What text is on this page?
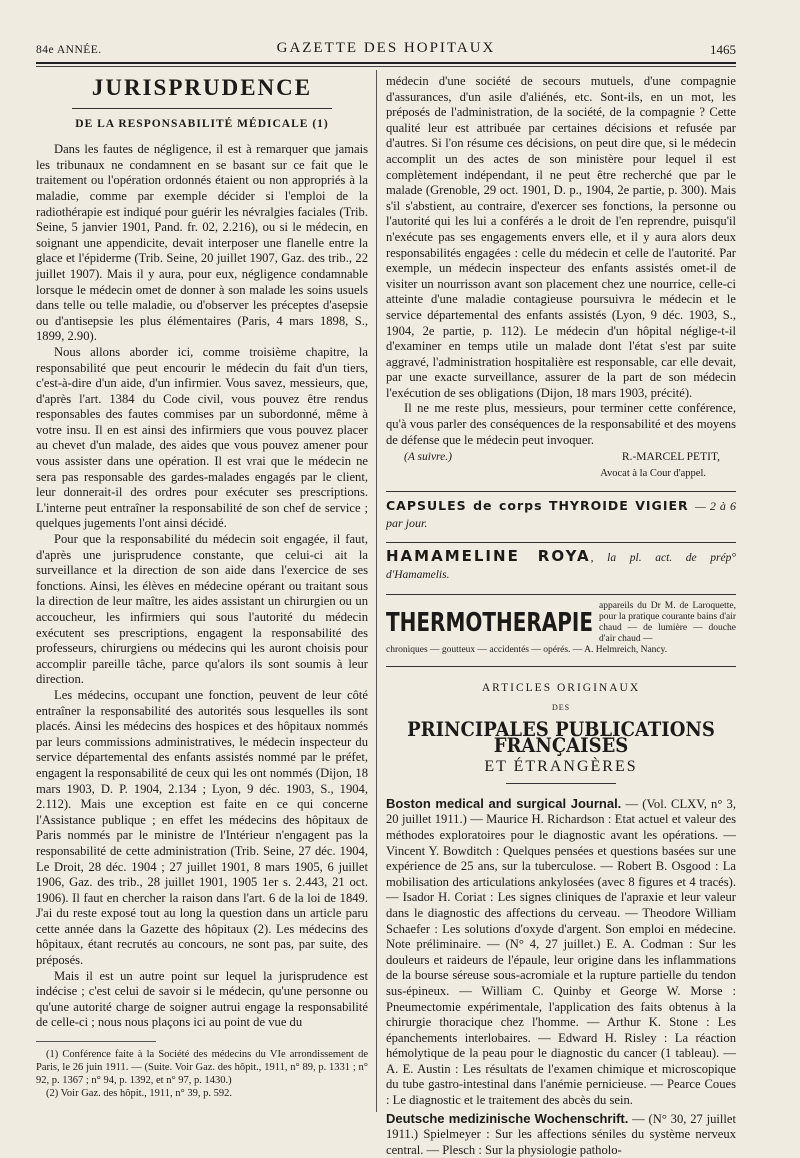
84e ANNÉE.	GAZETTE DES HOPITAUX	1465
JURISPRUDENCE
DE LA RESPONSABILITÉ MÉDICALE (1)

Dans les fautes de négligence, il est à remarquer que jamais les tribunaux ne condamnent en se basant sur ce fait que le traitement ou l'opération ordonnés étaient ou non appropriés à la maladie, comme par exemple décider si l'emploi de la radiothérapie est indiqué pour guérir les névralgies faciales (Trib. Seine, 5 janvier 1901, Pand. fr. 02, 2.216), ou si le médecin, en soignant une appendicite, devait interposer une flanelle entre la glace et l'épiderme (Trib. Seine, 20 juillet 1907, Gaz. des trib., 22 juillet 1907). Mais il y aura, pour eux, négligence condamnable lorsque le médecin omet de donner à son malade les soins usuels dans telle ou telle maladie, ou d'observer les préceptes d'asepsie ou d'antisepsie les plus élémentaires (Paris, 4 mars 1898, S., 1899, 2.90).

Nous allons aborder ici, comme troisième chapitre, la responsabilité que peut encourir le médecin du fait d'un tiers, c'est-à-dire d'un aide, d'un infirmier. Vous savez, messieurs, que, d'après l'art. 1384 du Code civil, vous pouvez être rendus responsables des fautes commises par un subordonné, même à votre insu. Il en est ainsi des infirmiers que vous pouvez placer au chevet d'un malade, des aides que vous pouvez amener pour vous assister dans une opération. Il est vrai que le médecin ne sera pas responsable des gardes-malades engagés par le client, leur donnerait-il des ordres pour exécuter ses prescriptions. L'interne peut entraîner la responsabilité de son chef de service ; quelques jugements l'ont ainsi décidé.

Pour que la responsabilité du médecin soit engagée, il faut, d'après une jurisprudence constante, que celui-ci ait la surveillance et la direction de son aide dans l'exercice de ses fonctions. Ainsi, les élèves en médecine opérant ou traitant sous la direction de leur maître, les aides assistant un chirurgien ou un accoucheur, les infirmiers qui sous l'autorité du médecin exécutent ses prescriptions, engagent la responsabilité des professeurs, chirurgiens ou médecins qui les auront choisis pour accomplir pareille tâche, parce qu'alors ils sont soumis à leur direction.

Les médecins, occupant une fonction, peuvent de leur côté entraîner la responsabilité des autorités sous lesquelles ils sont placés. Ainsi les médecins des hospices et des hôpitaux nommés par leurs commissions administratives, le médecin inspecteur du service départemental des enfants assistés nommé par le préfet, engagent la responsabilité de ceux qui les ont nommés (Dijon, 18 mars 1903, D. P. 1904, 2.134 ; Lyon, 9 déc. 1903, S., 1904, 2.112). Mais une exception est faite en ce qui concerne l'Assistance publique ; en effet les médecins des hôpitaux de Paris nommés par le ministre de l'Intérieur n'engagent pas la responsabilité de cette administration (Trib. Seine, 27 déc. 1904, Le Droit, 28 déc. 1904 ; 27 juillet 1901, 8 mars 1905, 6 juillet 1906, Gaz. des trib., 28 juillet 1901, 1905 1er s. 2.443, 21 oct. 1906). Il faut en chercher la raison dans l'art. 6 de la loi de 1849. J'ai du reste exposé tout au long la question dans un article paru cette année dans la Gazette des hôpitaux (2). Les médecins des hôpitaux, étant recrutés au concours, ne sont pas, par suite, des préposés.

Mais il est un autre point sur lequel la jurisprudence est indécise ; c'est celui de savoir si le médecin, qu'une personne ou qu'une autorité charge de soigner autrui engage la responsabilité de celle-ci ; nous nous plaçons ici au point de vue du

(1) Conférence faite à la Société des médecins du VIe arrondissement de Paris, le 26 juin 1911. — (Suite. Voir Gaz. des hôpit., 1911, n° 89, p. 1331 ; n° 92, p. 1367 ; n° 94, p. 1392, et n° 97, p. 1430.)
(2) Voir Gaz. des hôpit., 1911, n° 39, p. 592.

médecin d'une société de secours mutuels, d'une compagnie d'assurances, d'un asile d'aliénés, etc. Sont-ils, en un mot, les préposés de l'administration, de la société, de la compagnie ? Cette qualité leur est attribuée par certaines décisions et refusée par d'autres. Si l'on résume ces décisions, on peut dire que, si le médecin accomplit un des actes de son ministère pour lequel il est complètement indépendant, il ne peut être recherché que par le malade (Grenoble, 29 oct. 1901, D. p., 1904, 2e partie, p. 300). Mais s'il s'abstient, au contraire, d'exercer ses fonctions, la personne ou l'autorité qui les lui a conférés a le droit de l'en reprendre, puisqu'il n'exécute pas ses engagements envers elle, et il y aura alors deux responsabilités engagées : celle du médecin et celle de l'autorité. Par exemple, un médecin inspecteur des enfants assistés omet-il de visiter un nourrisson avant son placement chez une nourrice, celle-ci atteinte d'une maladie contagieuse poursuivra le médecin et le service départemental des enfants assistés (Lyon, 9 déc. 1903, S., 1904, 2e partie, p. 112). Le médecin d'un hôpital néglige-t-il d'examiner en temps utile un malade dont l'état s'est par suite aggravé, l'administration hospitalière est responsable, car elle devait, par une exacte surveillance, assurer de la part de son médecin l'exécution de ses obligations (Dijon, 18 mars 1903, précité).

Il ne me reste plus, messieurs, pour terminer cette conférence, qu'à vous parler des conséquences de la responsabilité et des moyens de défense que le médecin peut invoquer.

(A suivre.)	R.-MARCEL PETIT,
Avocat à la Cour d'appel.
CAPSULES de corps THYROIDE VIGIER — 2 à 6 par jour.
HAMAMELINE ROYA, la pl. act. de prép° d'Hamamelis.
THERMOTHERAPIE
appareils du Dr M. de Laroquette, pour la pratique courante bains d'air chaud — de lumière — douche d'air chaud —
chroniques — goutteux — accidentés — opérés. — A. Helmreich, Nancy.
ARTICLES ORIGINAUX
DES
PRINCIPALES PUBLICATIONS FRANÇAISES
ET ÉTRANGÈRES
Boston medical and surgical Journal. — (Vol. CLXV, n° 3, 20 juillet 1911.) — Maurice H. Richardson : Etat actuel et valeur des méthodes exploratoires pour le diagnostic avant les opérations. — Vincent Y. Bowditch : Quelques pensées et questions basées sur une expérience de 25 ans, sur la tuberculose. — Robert B. Osgood : La mobilisation des articulations ankylosées (avec 8 figures et 4 tracés). — Isador H. Coriat : Les signes cliniques de l'apraxie et leur valeur dans le diagnostic des affections du cerveau. — Theodore William Schaefer : Les solutions d'oxyde d'argent. Son emploi en médecine. Note préliminaire. — (N° 4, 27 juillet.) E. A. Codman : Sur les douleurs et raideurs de l'épaule, leur origine dans les inflammations de la bourse séreuse sous-acromiale et la rupture partielle du tendon sus-épineux. — William C. Quinby et George W. Morse : Pneumectomie expérimentale, l'application des faits obtenus à la chirurgie thoracique chez l'homme. — Arthur K. Stone : Les épanchements interlobaires. — Edward H. Risley : La réaction hémolytique de la peau pour le diagnostic du cancer (1 tableau). — A. E. Austin : Les résultats de l'examen chimique et microscopique du tube gastro-intestinal dans l'anémie pernicieuse. — Pearce Coues : Le diagnostic et le traitement des abcès du sein.
Deutsche medizinische Wochenschrift. — (N° 30, 27 juillet 1911.) Spielmeyer : Sur les affections séniles du système nerveux central. — Plesch : Sur la physiologie patholo-
